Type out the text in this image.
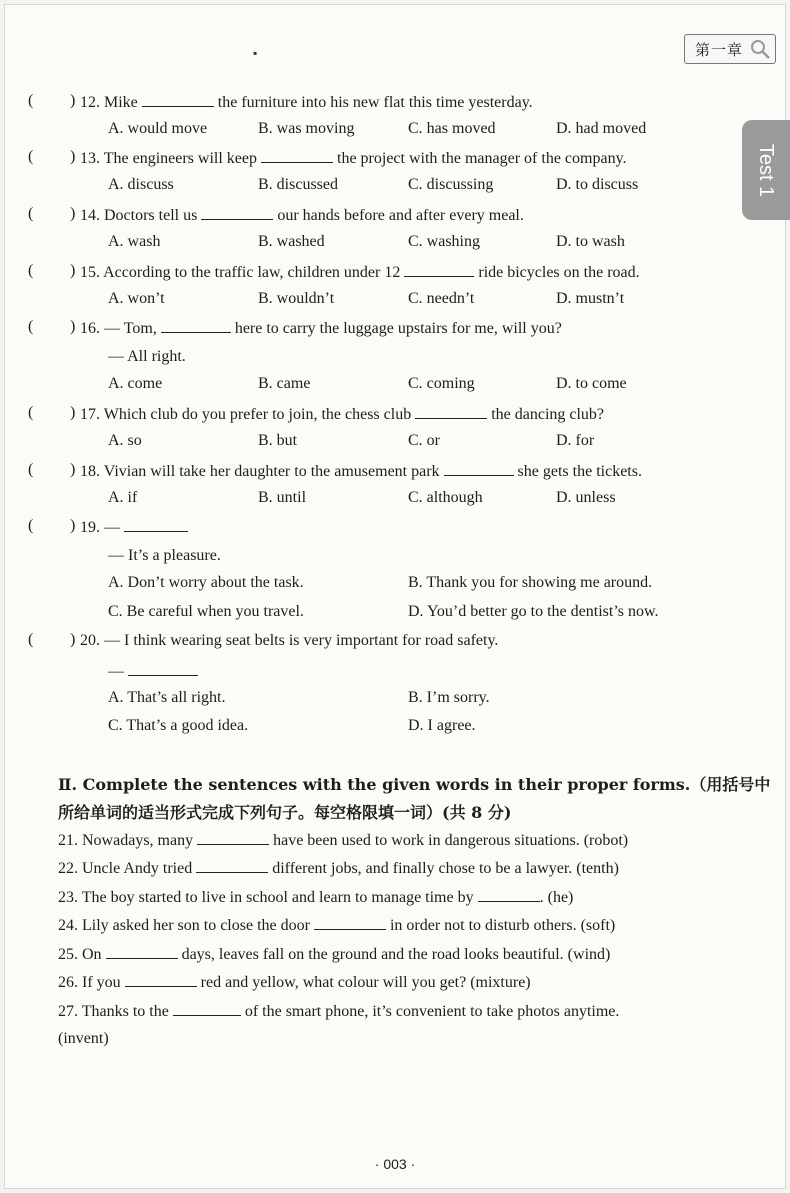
▪	第一章
Test 1
( ) 12. Mike	the furniture into his new flat this time yesterday.
A. would move	B. was moving	C. has moved	D. had moved
( ) 13. The engineers will keep	the project with the manager of the company.
A. discuss	B. discussed	C. discussing	D. to discuss
( ) 14. Doctors tell us	our hands before and after every meal.
A. wash	B. washed	C. washing	D. to wash
( ) 15. According to the traffic law, children under 12	ride bicycles on the road.
A. won’t	B. wouldn’t	C. needn’t	D. mustn’t
( ) 16. — Tom,	here to carry the luggage upstairs for me, will you?
— All right.
A. come	B. came	C. coming	D. to come
( ) 17. Which club do you prefer to join, the chess club	the dancing club?
A. so	B. but	C. or	D. for
( ) 18. Vivian will take her daughter to the amusement park	she gets the tickets.
A. if	B. until	C. although	D. unless
( ) 19. —
— It’s a pleasure.
A. Don’t worry about the task.	B. Thank you for showing me around.
C. Be careful when you travel.	D. You’d better go to the dentist’s now.
( ) 20. — I think wearing seat belts is very important for road safety.
—
A. That’s all right.	B. I’m sorry.
C. That’s a good idea.	D. I agree.
Ⅱ. Complete the sentences with the given words in their proper forms.（用括号中
所给单词的适当形式完成下列句子。每空格限填一词）(共 8 分)
21. Nowadays, many	have been used to work in dangerous situations. (robot)
22. Uncle Andy tried	different jobs, and finally chose to be a lawyer. (tenth)
23. The boy started to live in school and learn to manage time by	. (he)
24. Lily asked her son to close the door	in order not to disturb others. (soft)
25. On	days, leaves fall on the ground and the road looks beautiful. (wind)
26. If you	red and yellow, what colour will you get? (mixture)
27. Thanks to the	of the smart phone, it’s convenient to take photos anytime.
(invent)
· 003 ·
